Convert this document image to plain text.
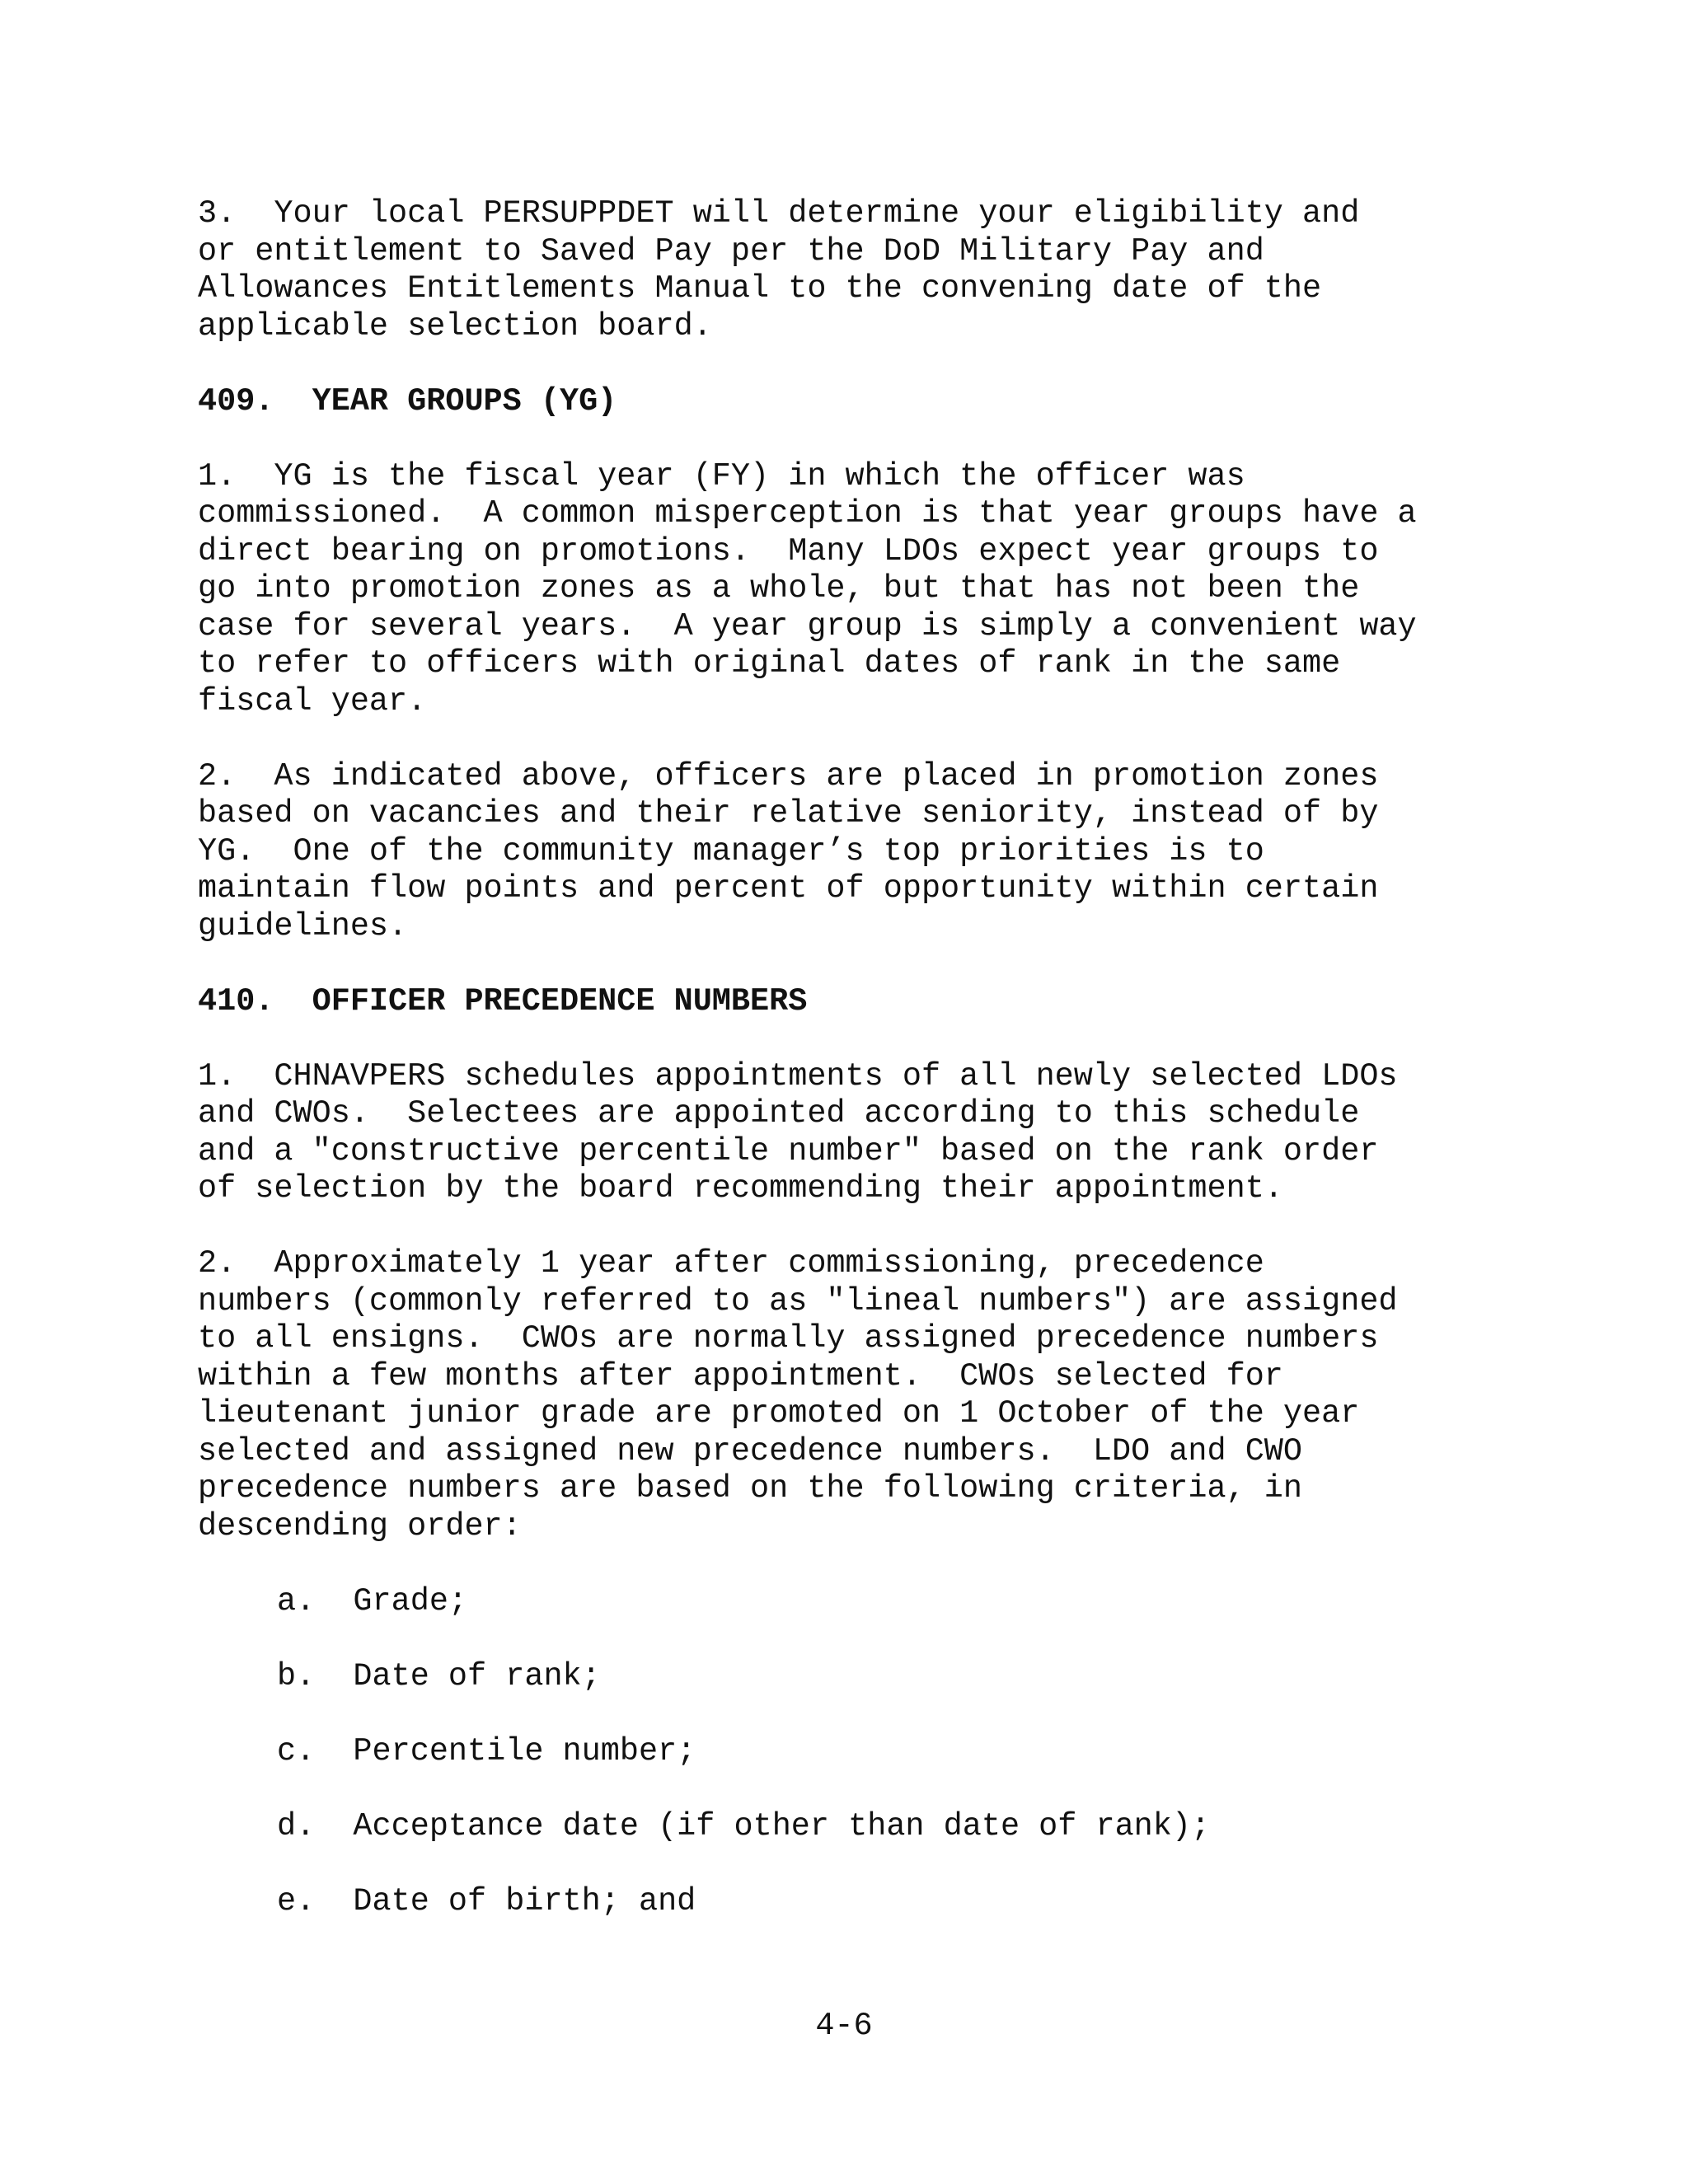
3.  Your local PERSUPPDET will determine your eligibility and
or entitlement to Saved Pay per the DoD Military Pay and
Allowances Entitlements Manual to the convening date of the
applicable selection board.
409.  YEAR GROUPS (YG)
1.  YG is the fiscal year (FY) in which the officer was
commissioned.  A common misperception is that year groups have a
direct bearing on promotions.  Many LDOs expect year groups to
go into promotion zones as a whole, but that has not been the
case for several years.  A year group is simply a convenient way
to refer to officers with original dates of rank in the same
fiscal year.
2.  As indicated above, officers are placed in promotion zones
based on vacancies and their relative seniority, instead of by
YG.  One of the community manager’s top priorities is to
maintain flow points and percent of opportunity within certain
guidelines.
410.  OFFICER PRECEDENCE NUMBERS
1.  CHNAVPERS schedules appointments of all newly selected LDOs
and CWOs.  Selectees are appointed according to this schedule
and a "constructive percentile number" based on the rank order
of selection by the board recommending their appointment.
2.  Approximately 1 year after commissioning, precedence
numbers (commonly referred to as "lineal numbers") are assigned
to all ensigns.  CWOs are normally assigned precedence numbers
within a few months after appointment.  CWOs selected for
lieutenant junior grade are promoted on 1 October of the year
selected and assigned new precedence numbers.  LDO and CWO
precedence numbers are based on the following criteria, in
descending order:
a.  Grade;
b.  Date of rank;
c.  Percentile number;
d.  Acceptance date (if other than date of rank);
e.  Date of birth; and
4-6
